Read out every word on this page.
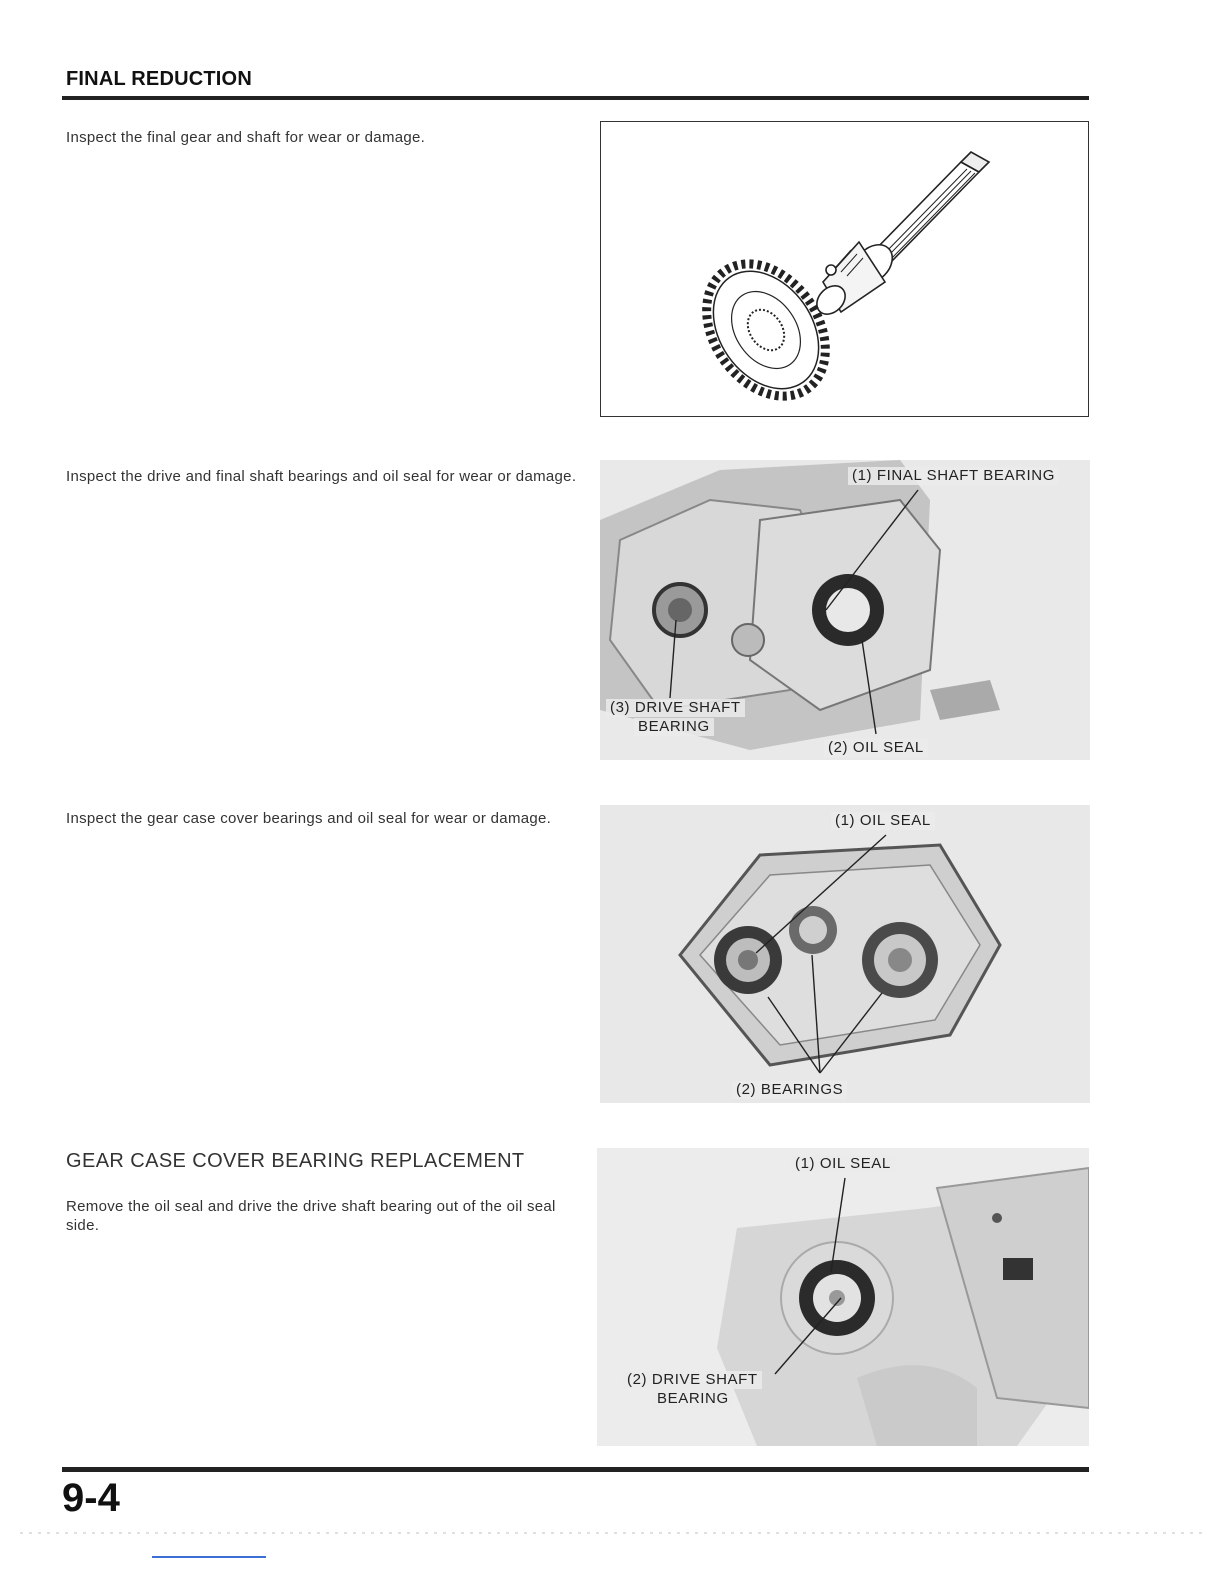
FINAL REDUCTION
Inspect the final gear and shaft for wear or damage.
Inspect the drive and final shaft bearings and oil seal for wear or damage.	(1) FINAL SHAFT BEARING
(2) OIL SEAL
(3) DRIVE SHAFT
BEARING
Inspect the gear case cover bearings and oil seal for wear or damage.	(1) OIL SEAL
(2) BEARINGS
GEAR CASE COVER BEARING REPLACEMENT
Remove the oil seal and drive the drive shaft bearing out of the oil seal side.
(1) OIL SEAL
(2) DRIVE SHAFT
BEARING
9-4
